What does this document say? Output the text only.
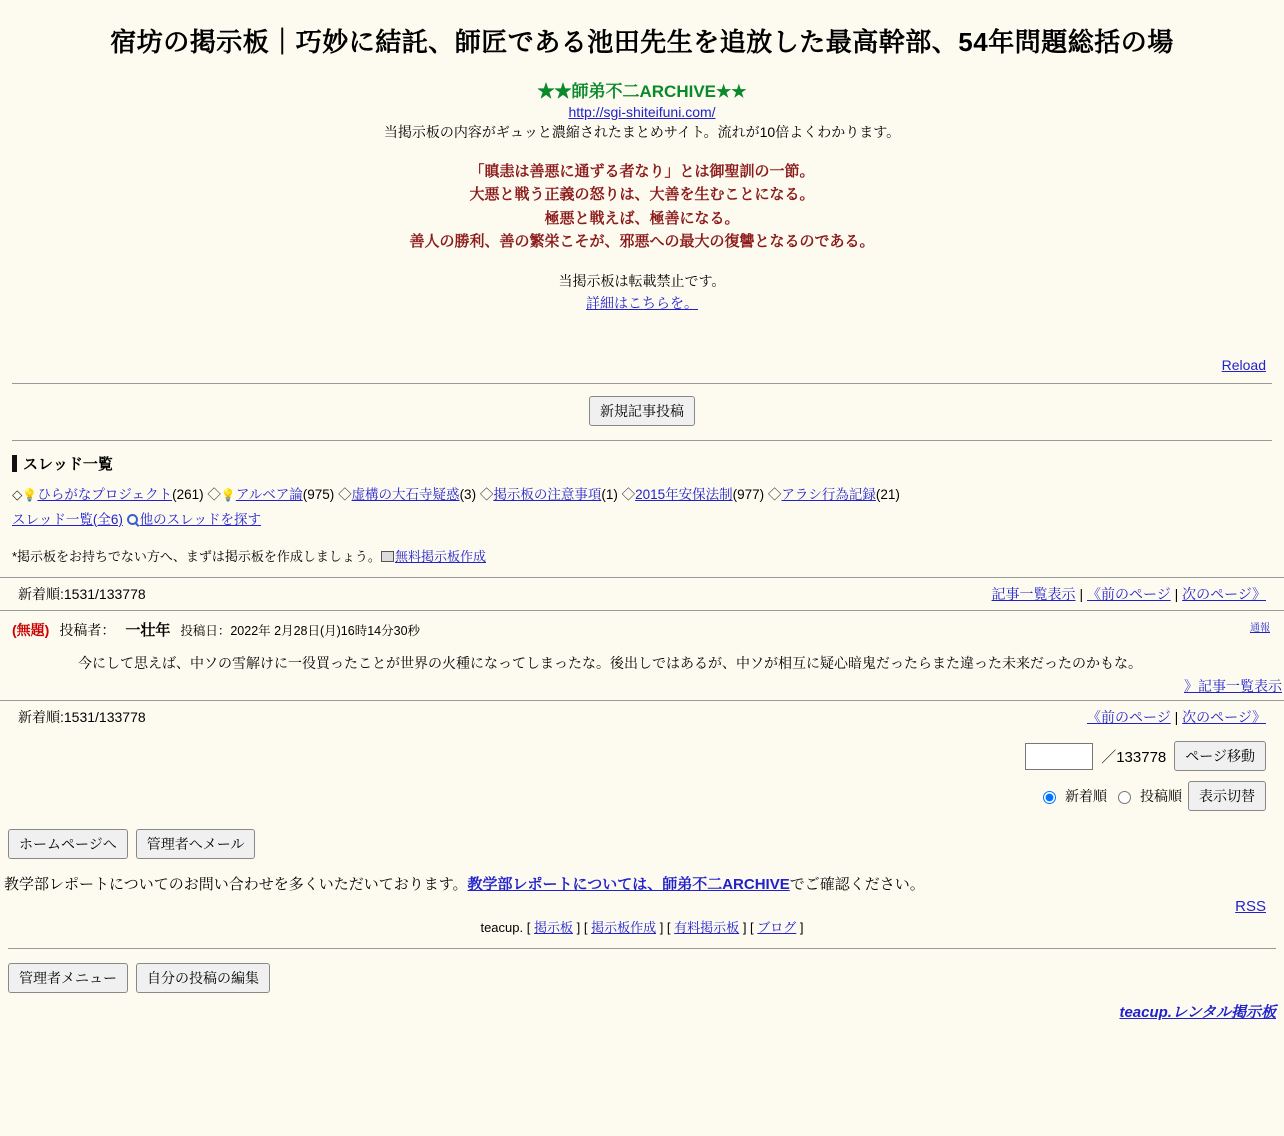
宿坊の掲示板｜巧妙に結託、師匠である池田先生を追放した最高幹部、54年問題総括の場
★★師弟不二ARCHIVE★★
http://sgi-shiteifuni.com/
当掲示板の内容がギュッと濃縮されたまとめサイト。流れが10倍よくわかります。
「瞋恚は善悪に通ずる者なり」とは御聖訓の一節。
大悪と戦う正義の怒りは、大善を生むことになる。
極悪と戦えば、極善になる。
善人の勝利、善の繁栄こそが、邪悪への最大の復讐となるのである。
当掲示板は転載禁止です。
詳細はこちらを。
Reload
新規記事投稿
スレッド一覧
◇💡ひらがなプロジェクト(261) ◇💡アルベア論(975) ◇虚構の大石寺疑惑(3) ◇掲示板の注意事項(1) ◇2015年安保法制(977) ◇アラシ行為記録(21)
スレッド一覧(全6) 他のスレッドを探す
*掲示板をお持ちでない方へ、まずは掲示板を作成しましょう。 無料掲示板作成
新着順:1531/133778	記事一覧表示 | 《前のページ | 次のページ》
通報
(無題) 投稿者： 一壮年 投稿日：2022年 2月28日(月)16時14分30秒
今にして思えば、中ソの雪解けに一役買ったことが世界の火種になってしまったな。後出しではあるが、中ソが相互に疑心暗鬼だったらまた違った未来だったのかもな。
》記事一覧表示
新着順:1531/133778	《前のページ | 次のページ》
／133778	ページ移動
新着順 投稿順	表示切替
ホームページへ	管理者へメール
教学部レポートについてのお問い合わせを多くいただいております。教学部レポートについては、師弟不二ARCHIVEでご確認ください。
RSS
teacup. [ 掲示板 ] [ 掲示板作成 ] [ 有料掲示板 ] [ ブログ ]
管理者メニュー	自分の投稿の編集
teacup.レンタル掲示板
